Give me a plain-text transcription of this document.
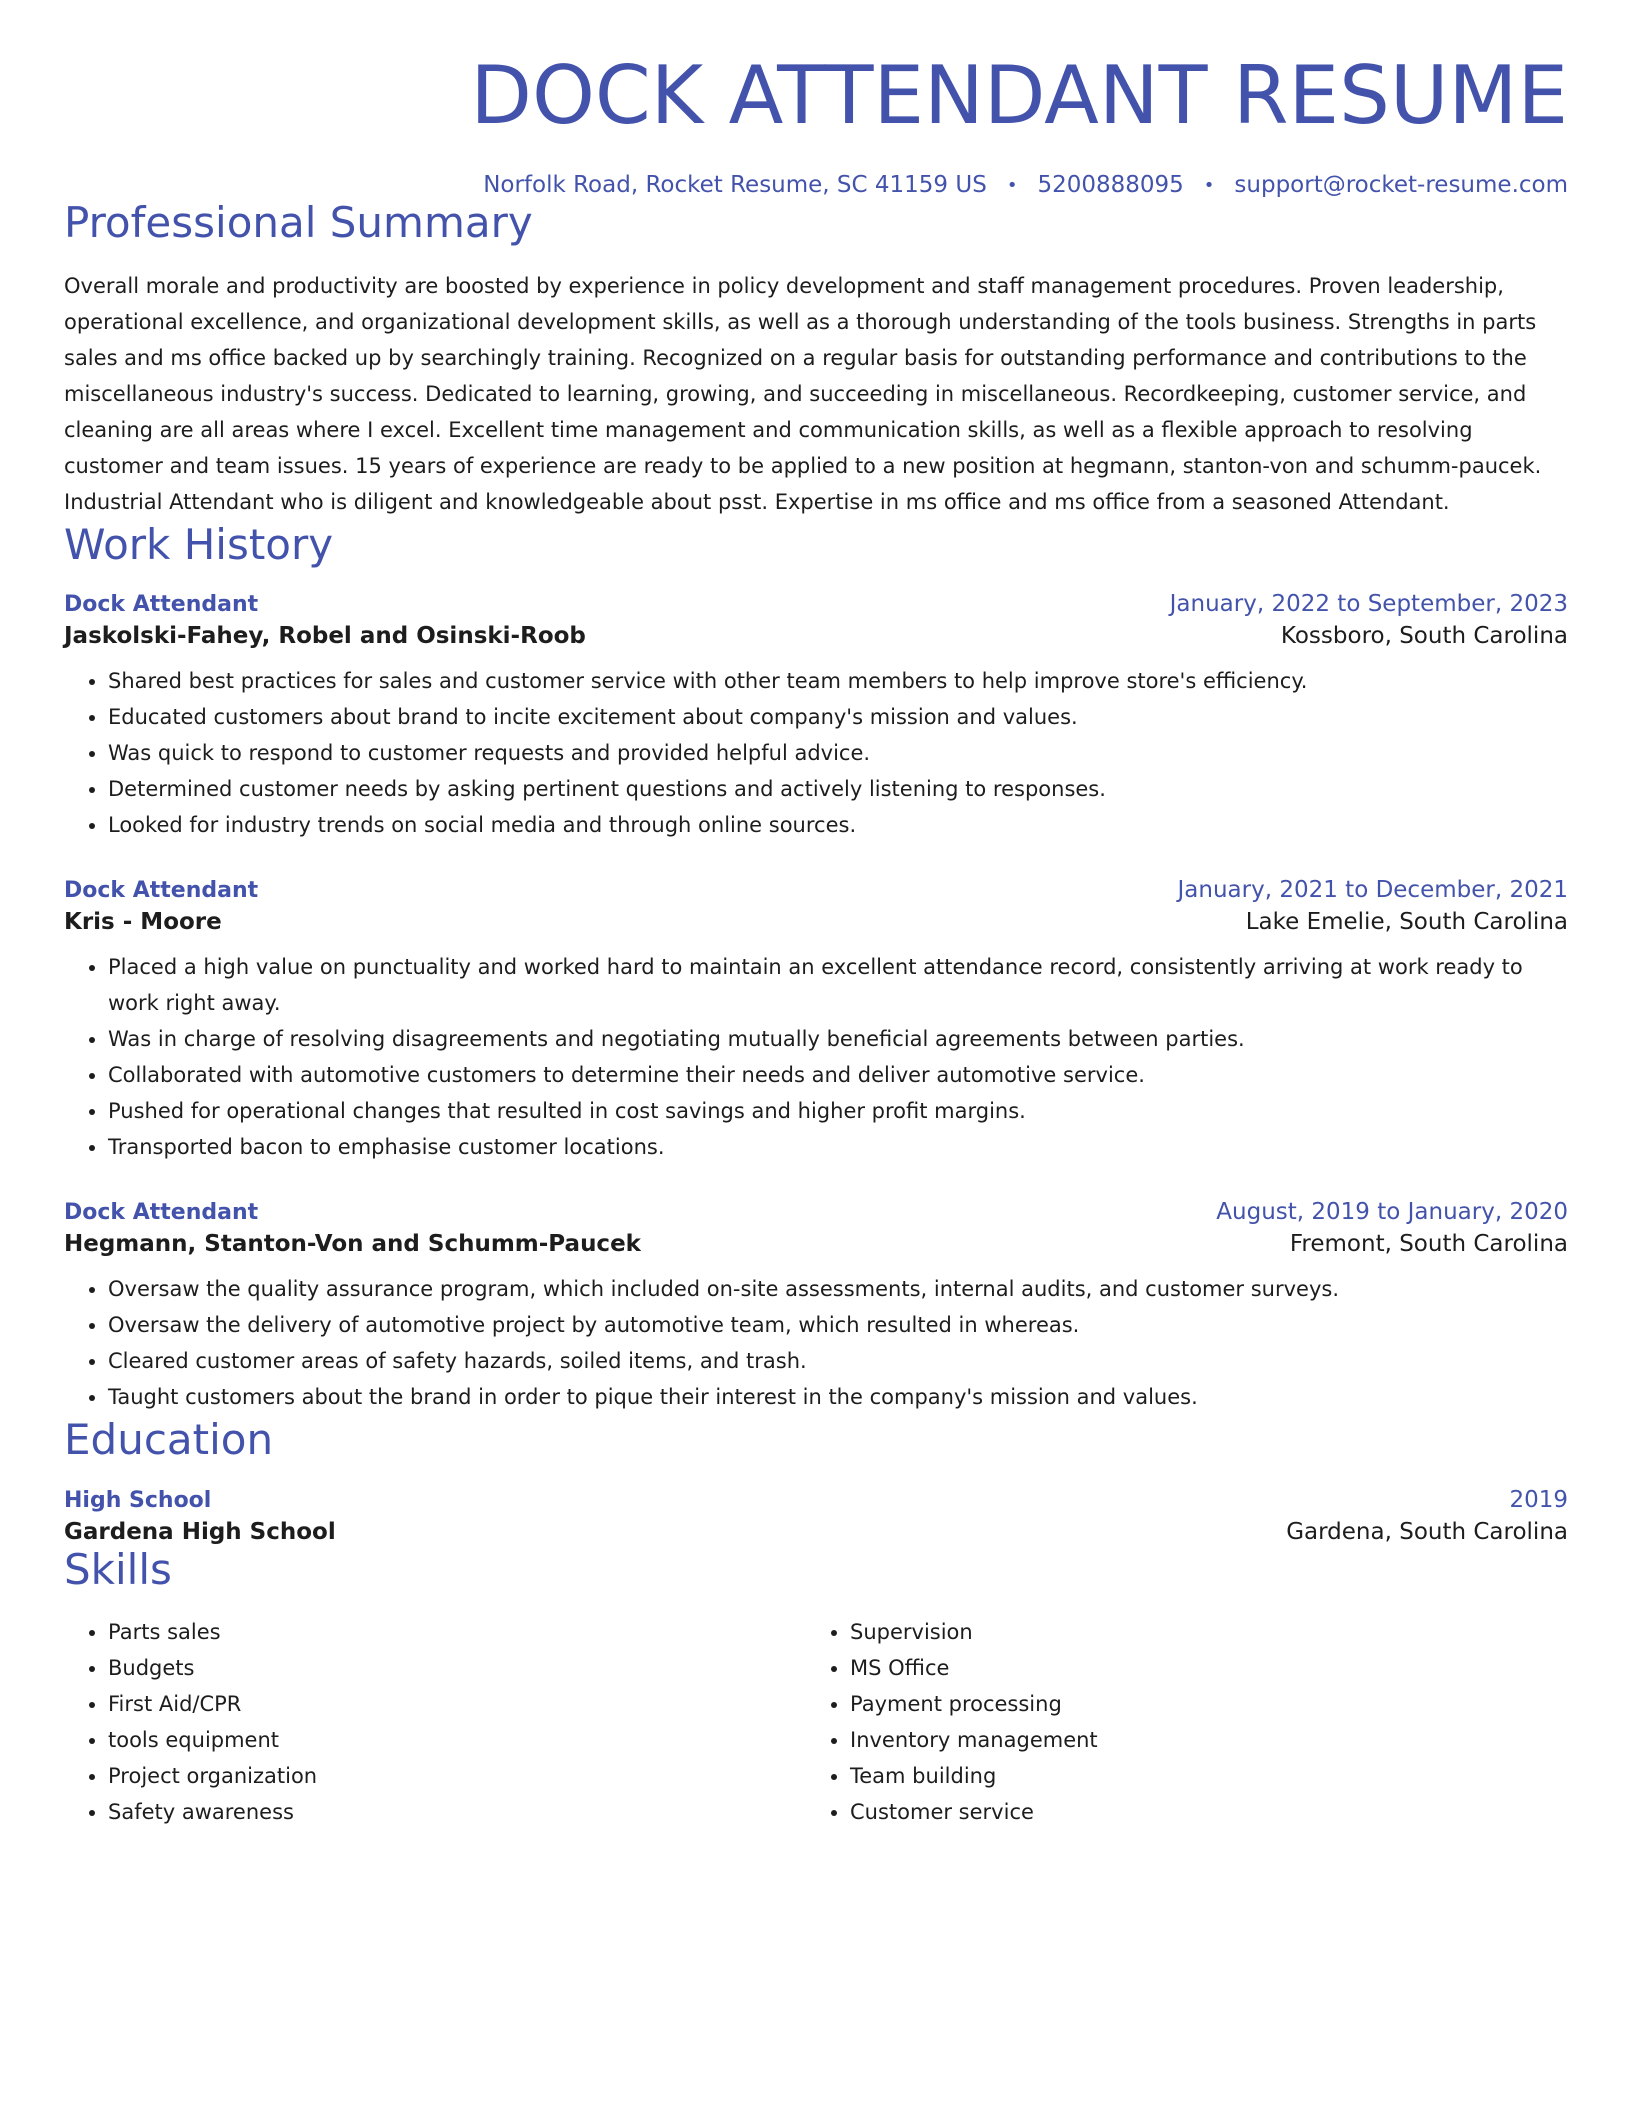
DOCK ATTENDANT RESUME
Norfolk Road, Rocket Resume, SC 41159 US • 5200888095 • support@rocket-resume.com
Professional Summary
Overall morale and productivity are boosted by experience in policy development and staff management procedures. Proven leadership, operational excellence, and organizational development skills, as well as a thorough understanding of the tools business. Strengths in parts sales and ms office backed up by searchingly training. Recognized on a regular basis for outstanding performance and contributions to the miscellaneous industry's success. Dedicated to learning, growing, and succeeding in miscellaneous. Recordkeeping, customer service, and cleaning are all areas where I excel. Excellent time management and communication skills, as well as a flexible approach to resolving customer and team issues. 15 years of experience are ready to be applied to a new position at hegmann, stanton-von and schumm-paucek. Industrial Attendant who is diligent and knowledgeable about psst. Expertise in ms office and ms office from a seasoned Attendant.
Work History
Dock Attendant	January, 2022 to September, 2023
Jaskolski-Fahey, Robel and Osinski-Roob	Kossboro, South Carolina
• Shared best practices for sales and customer service with other team members to help improve store's efficiency.
• Educated customers about brand to incite excitement about company's mission and values.
• Was quick to respond to customer requests and provided helpful advice.
• Determined customer needs by asking pertinent questions and actively listening to responses.
• Looked for industry trends on social media and through online sources.
Dock Attendant	January, 2021 to December, 2021
Kris - Moore	Lake Emelie, South Carolina
• Placed a high value on punctuality and worked hard to maintain an excellent attendance record, consistently arriving at work ready to work right away.
• Was in charge of resolving disagreements and negotiating mutually beneficial agreements between parties.
• Collaborated with automotive customers to determine their needs and deliver automotive service.
• Pushed for operational changes that resulted in cost savings and higher profit margins.
• Transported bacon to emphasise customer locations.
Dock Attendant	August, 2019 to January, 2020
Hegmann, Stanton-Von and Schumm-Paucek	Fremont, South Carolina
• Oversaw the quality assurance program, which included on-site assessments, internal audits, and customer surveys.
• Oversaw the delivery of automotive project by automotive team, which resulted in whereas.
• Cleared customer areas of safety hazards, soiled items, and trash.
• Taught customers about the brand in order to pique their interest in the company's mission and values.
Education
High School	2019
Gardena High School	Gardena, South Carolina
Skills
• Parts sales
• Budgets
• First Aid/CPR
• tools equipment
• Project organization
• Safety awareness
• Supervision
• MS Office
• Payment processing
• Inventory management
• Team building
• Customer service
